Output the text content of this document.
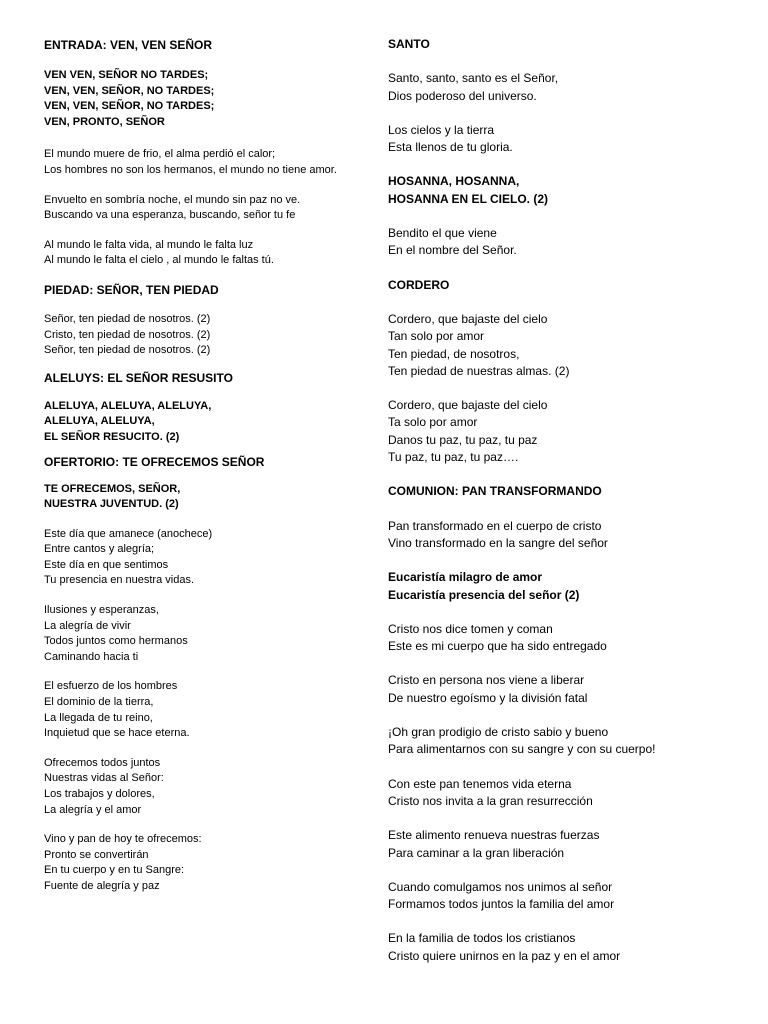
ENTRADA: VEN, VEN SEÑOR
VEN VEN, SEÑOR NO TARDES;
VEN, VEN, SEÑOR, NO TARDES;
VEN, VEN, SEÑOR, NO TARDES;
VEN, PRONTO, SEÑOR
El mundo muere de frio, el alma perdió el calor;
Los hombres no son los hermanos, el mundo no tiene amor.
Envuelto en sombría noche, el mundo sin paz no ve.
Buscando va una esperanza, buscando, señor tu fe
Al mundo le falta vida, al mundo le falta luz
Al mundo le falta el cielo , al mundo le faltas tú.
PIEDAD: SEÑOR, TEN PIEDAD
Señor, ten piedad de nosotros. (2)
Cristo, ten piedad de nosotros. (2)
Señor, ten piedad de nosotros. (2)
ALELUYS: EL SEÑOR RESUSITO
ALELUYA, ALELUYA, ALELUYA,
ALELUYA, ALELUYA,
EL SEÑOR RESUCITO. (2)
OFERTORIO: TE OFRECEMOS SEÑOR
TE OFRECEMOS, SEÑOR,
NUESTRA JUVENTUD. (2)
Este día que amanece (anochece)
Entre cantos y alegría;
Este día en que sentimos
Tu presencia en nuestra vidas.
Ilusiones y esperanzas,
La alegría de vivir
Todos juntos como hermanos
Caminando hacia ti
El esfuerzo de los hombres
El dominio de la tierra,
La llegada de tu reino,
Inquietud que se hace eterna.
Ofrecemos todos juntos
Nuestras vidas al Señor:
Los trabajos y dolores,
La alegría y el amor
Vino y pan de hoy te ofrecemos:
Pronto se convertirán
En tu cuerpo y en tu Sangre:
Fuente de alegría y paz
SANTO
Santo, santo, santo es el Señor,
Dios poderoso del universo.
Los cielos y la tierra
Esta llenos de tu gloria.
HOSANNA, HOSANNA,
HOSANNA EN EL CIELO. (2)
Bendito el que viene
En el nombre del Señor.
CORDERO
Cordero, que bajaste del cielo
Tan solo por amor
Ten piedad, de nosotros,
Ten piedad de nuestras almas. (2)
Cordero, que bajaste del cielo
Ta solo por amor
Danos tu paz, tu paz, tu paz
Tu paz, tu paz, tu paz….
COMUNION: PAN TRANSFORMANDO
Pan transformado en el cuerpo de cristo
Vino transformado en la sangre del señor
Eucaristía milagro de amor
Eucaristía presencia del señor (2)
Cristo nos dice tomen y coman
Este es mi cuerpo que ha sido entregado
Cristo en persona nos viene a liberar
De nuestro egoísmo y la división fatal
¡Oh gran prodigio de cristo sabio y bueno
Para alimentarnos con su sangre y con su cuerpo!
Con este pan tenemos vida eterna
Cristo nos invita a la gran resurrección
Este alimento renueva nuestras fuerzas
Para caminar a la gran liberación
Cuando comulgamos nos unimos al señor
Formamos todos juntos la familia del amor
En la familia de todos los cristianos
Cristo quiere unirnos en la paz y en el amor
